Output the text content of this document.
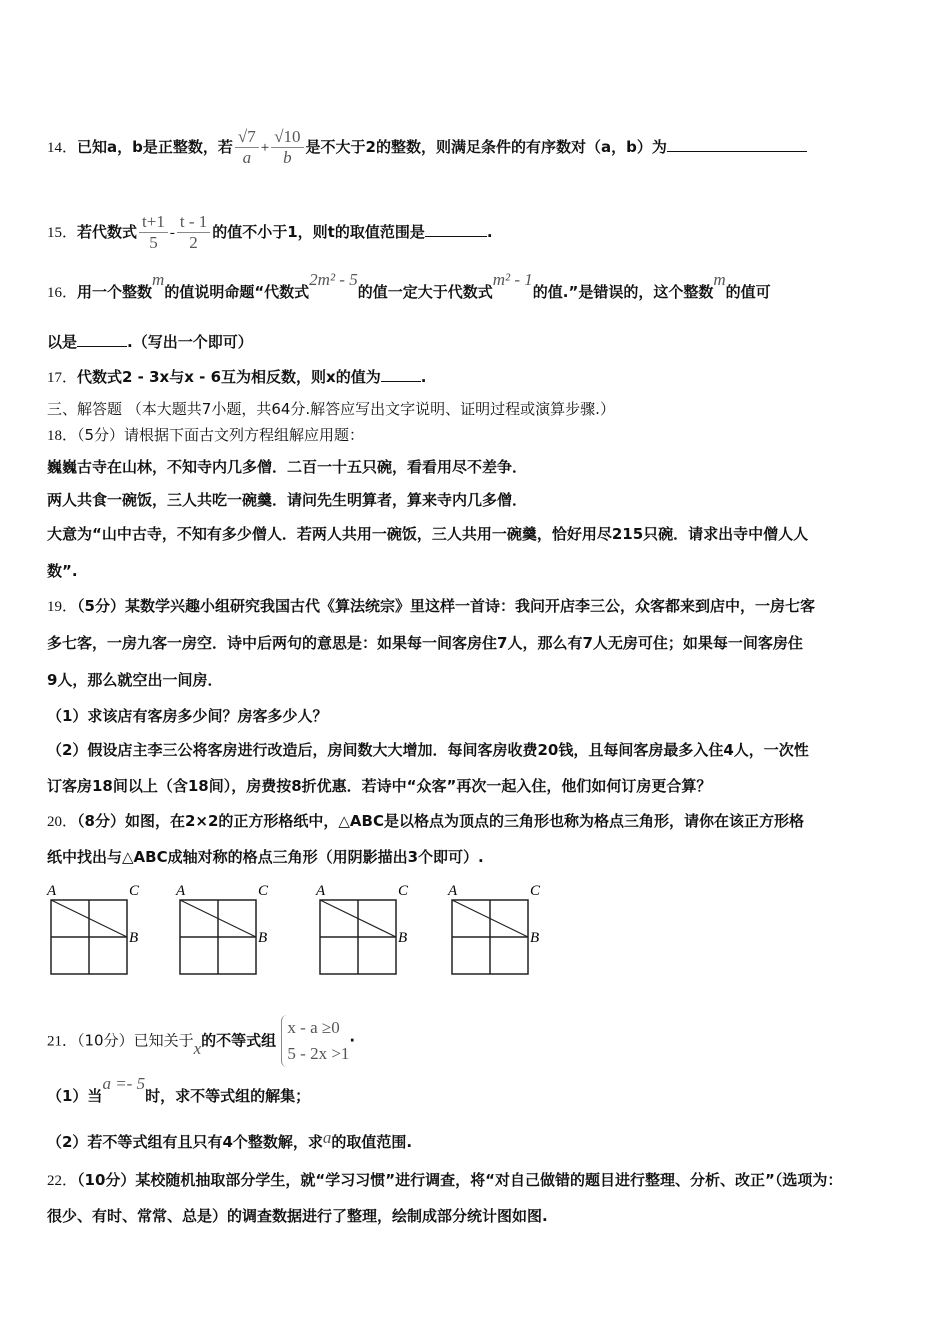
14．已知a，b是正整数，若 $\frac{√7}{a} + \frac{√10}{b}$ 是不大于2的整数，则满足条件的有序数对（a，b）为
15．若代数式 $\frac{t+1}{5} - \frac{t - 1}{2}$ 的值不小于1，则t的取值范围是	.
16．用一个整数m的值说明命题“代数式2m² - 5的值一定大于代数式m² - 1的值.”是错误的，这个整数m的值可
以是	.（写出一个即可）
17．代数式2 - 3x与x - 6互为相反数，则x的值为	.
三、解答题 （本大题共7小题，共64分.解答应写出文字说明、证明过程或演算步骤.）
18．（5分）请根据下面古文列方程组解应用题：
巍巍古寺在山林，不知寺内几多僧．二百一十五只碗，看看用尽不差争．
两人共食一碗饭，三人共吃一碗羹．请问先生明算者，算来寺内几多僧．
大意为“山中古寺，不知有多少僧人．若两人共用一碗饭，三人共用一碗羹，恰好用尽215只碗．请求出寺中僧人人
数”.
19．（5分）某数学兴趣小组研究我国古代《算法统宗》里这样一首诗：我问开店李三公，众客都来到店中，一房七客
多七客，一房九客一房空．诗中后两句的意思是：如果每一间客房住7人，那么有7人无房可住；如果每一间客房住
9人，那么就空出一间房．
（1）求该店有客房多少间？房客多少人？
（2）假设店主李三公将客房进行改造后，房间数大大增加．每间客房收费20钱，且每间客房最多入住4人，一次性
订客房18间以上（含18间），房费按8折优惠．若诗中“众客”再次一起入住，他们如何订房更合算？
20．（8分）如图，在2×2的正方形格纸中，△ABC是以格点为顶点的三角形也称为格点三角形，请你在该正方形格
纸中找出与△ABC成轴对称的格点三角形（用阴影描出3个即可）.
A	C
B
A	C
B
A	C
B
A	C
B
21．（10分）已知关于x的不等式组
x - a ≥0
5 - 2x >1
·
（1）当a =- 5时，求不等式组的解集；
（2）若不等式组有且只有4个整数解，求a的取值范围.
22．（10分）某校随机抽取部分学生，就“学习习惯”进行调查，将“对自己做错的题目进行整理、分析、改正”（选项为：
很少、有时、常常、总是）的调查数据进行了整理，绘制成部分统计图如图.
